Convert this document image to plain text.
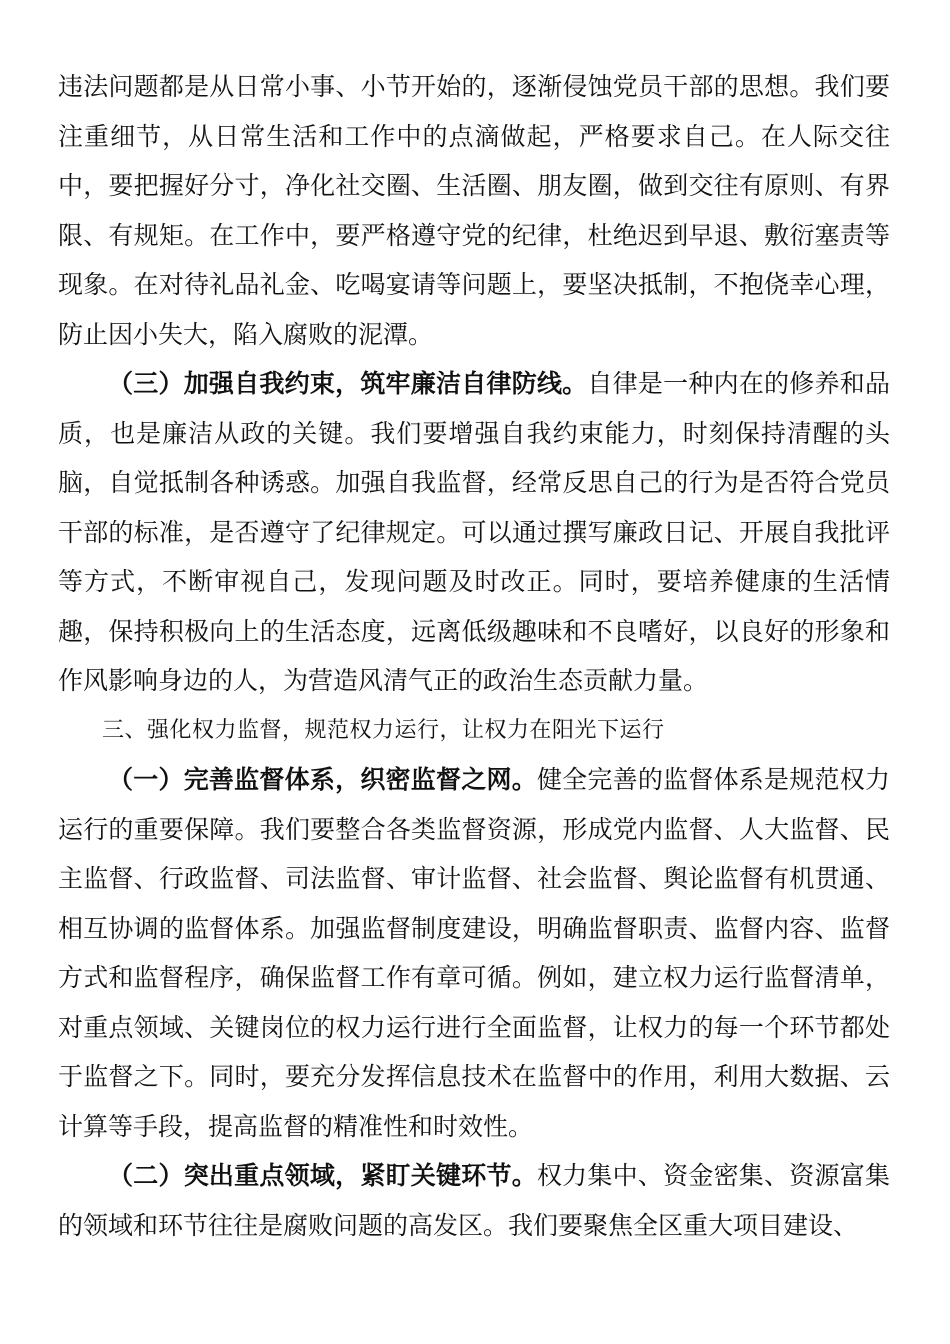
违法问题都是从日常小事、小节开始的，逐渐侵蚀党员干部的思想。我们要注重细节，从日常生活和工作中的点滴做起，严格要求自己。在人际交往中，要把握好分寸，净化社交圈、生活圈、朋友圈，做到交往有原则、有界限、有规矩。在工作中，要严格遵守党的纪律，杜绝迟到早退、敷衍塞责等现象。在对待礼品礼金、吃喝宴请等问题上，要坚决抵制，不抱侥幸心理，防止因小失大，陷入腐败的泥潭。

（三）加强自我约束，筑牢廉洁自律防线。自律是一种内在的修养和品质，也是廉洁从政的关键。我们要增强自我约束能力，时刻保持清醒的头脑，自觉抵制各种诱惑。加强自我监督，经常反思自己的行为是否符合党员干部的标准，是否遵守了纪律规定。可以通过撰写廉政日记、开展自我批评等方式，不断审视自己，发现问题及时改正。同时，要培养健康的生活情趣，保持积极向上的生活态度，远离低级趣味和不良嗜好，以良好的形象和作风影响身边的人，为营造风清气正的政治生态贡献力量。

三、强化权力监督，规范权力运行，让权力在阳光下运行

（一）完善监督体系，织密监督之网。健全完善的监督体系是规范权力运行的重要保障。我们要整合各类监督资源，形成党内监督、人大监督、民主监督、行政监督、司法监督、审计监督、社会监督、舆论监督有机贯通、相互协调的监督体系。加强监督制度建设，明确监督职责、监督内容、监督方式和监督程序，确保监督工作有章可循。例如，建立权力运行监督清单，对重点领域、关键岗位的权力运行进行全面监督，让权力的每一个环节都处于监督之下。同时，要充分发挥信息技术在监督中的作用，利用大数据、云计算等手段，提高监督的精准性和时效性。

（二）突出重点领域，紧盯关键环节。权力集中、资金密集、资源富集的领域和环节往往是腐败问题的高发区。我们要聚焦全区重大项目建设、
